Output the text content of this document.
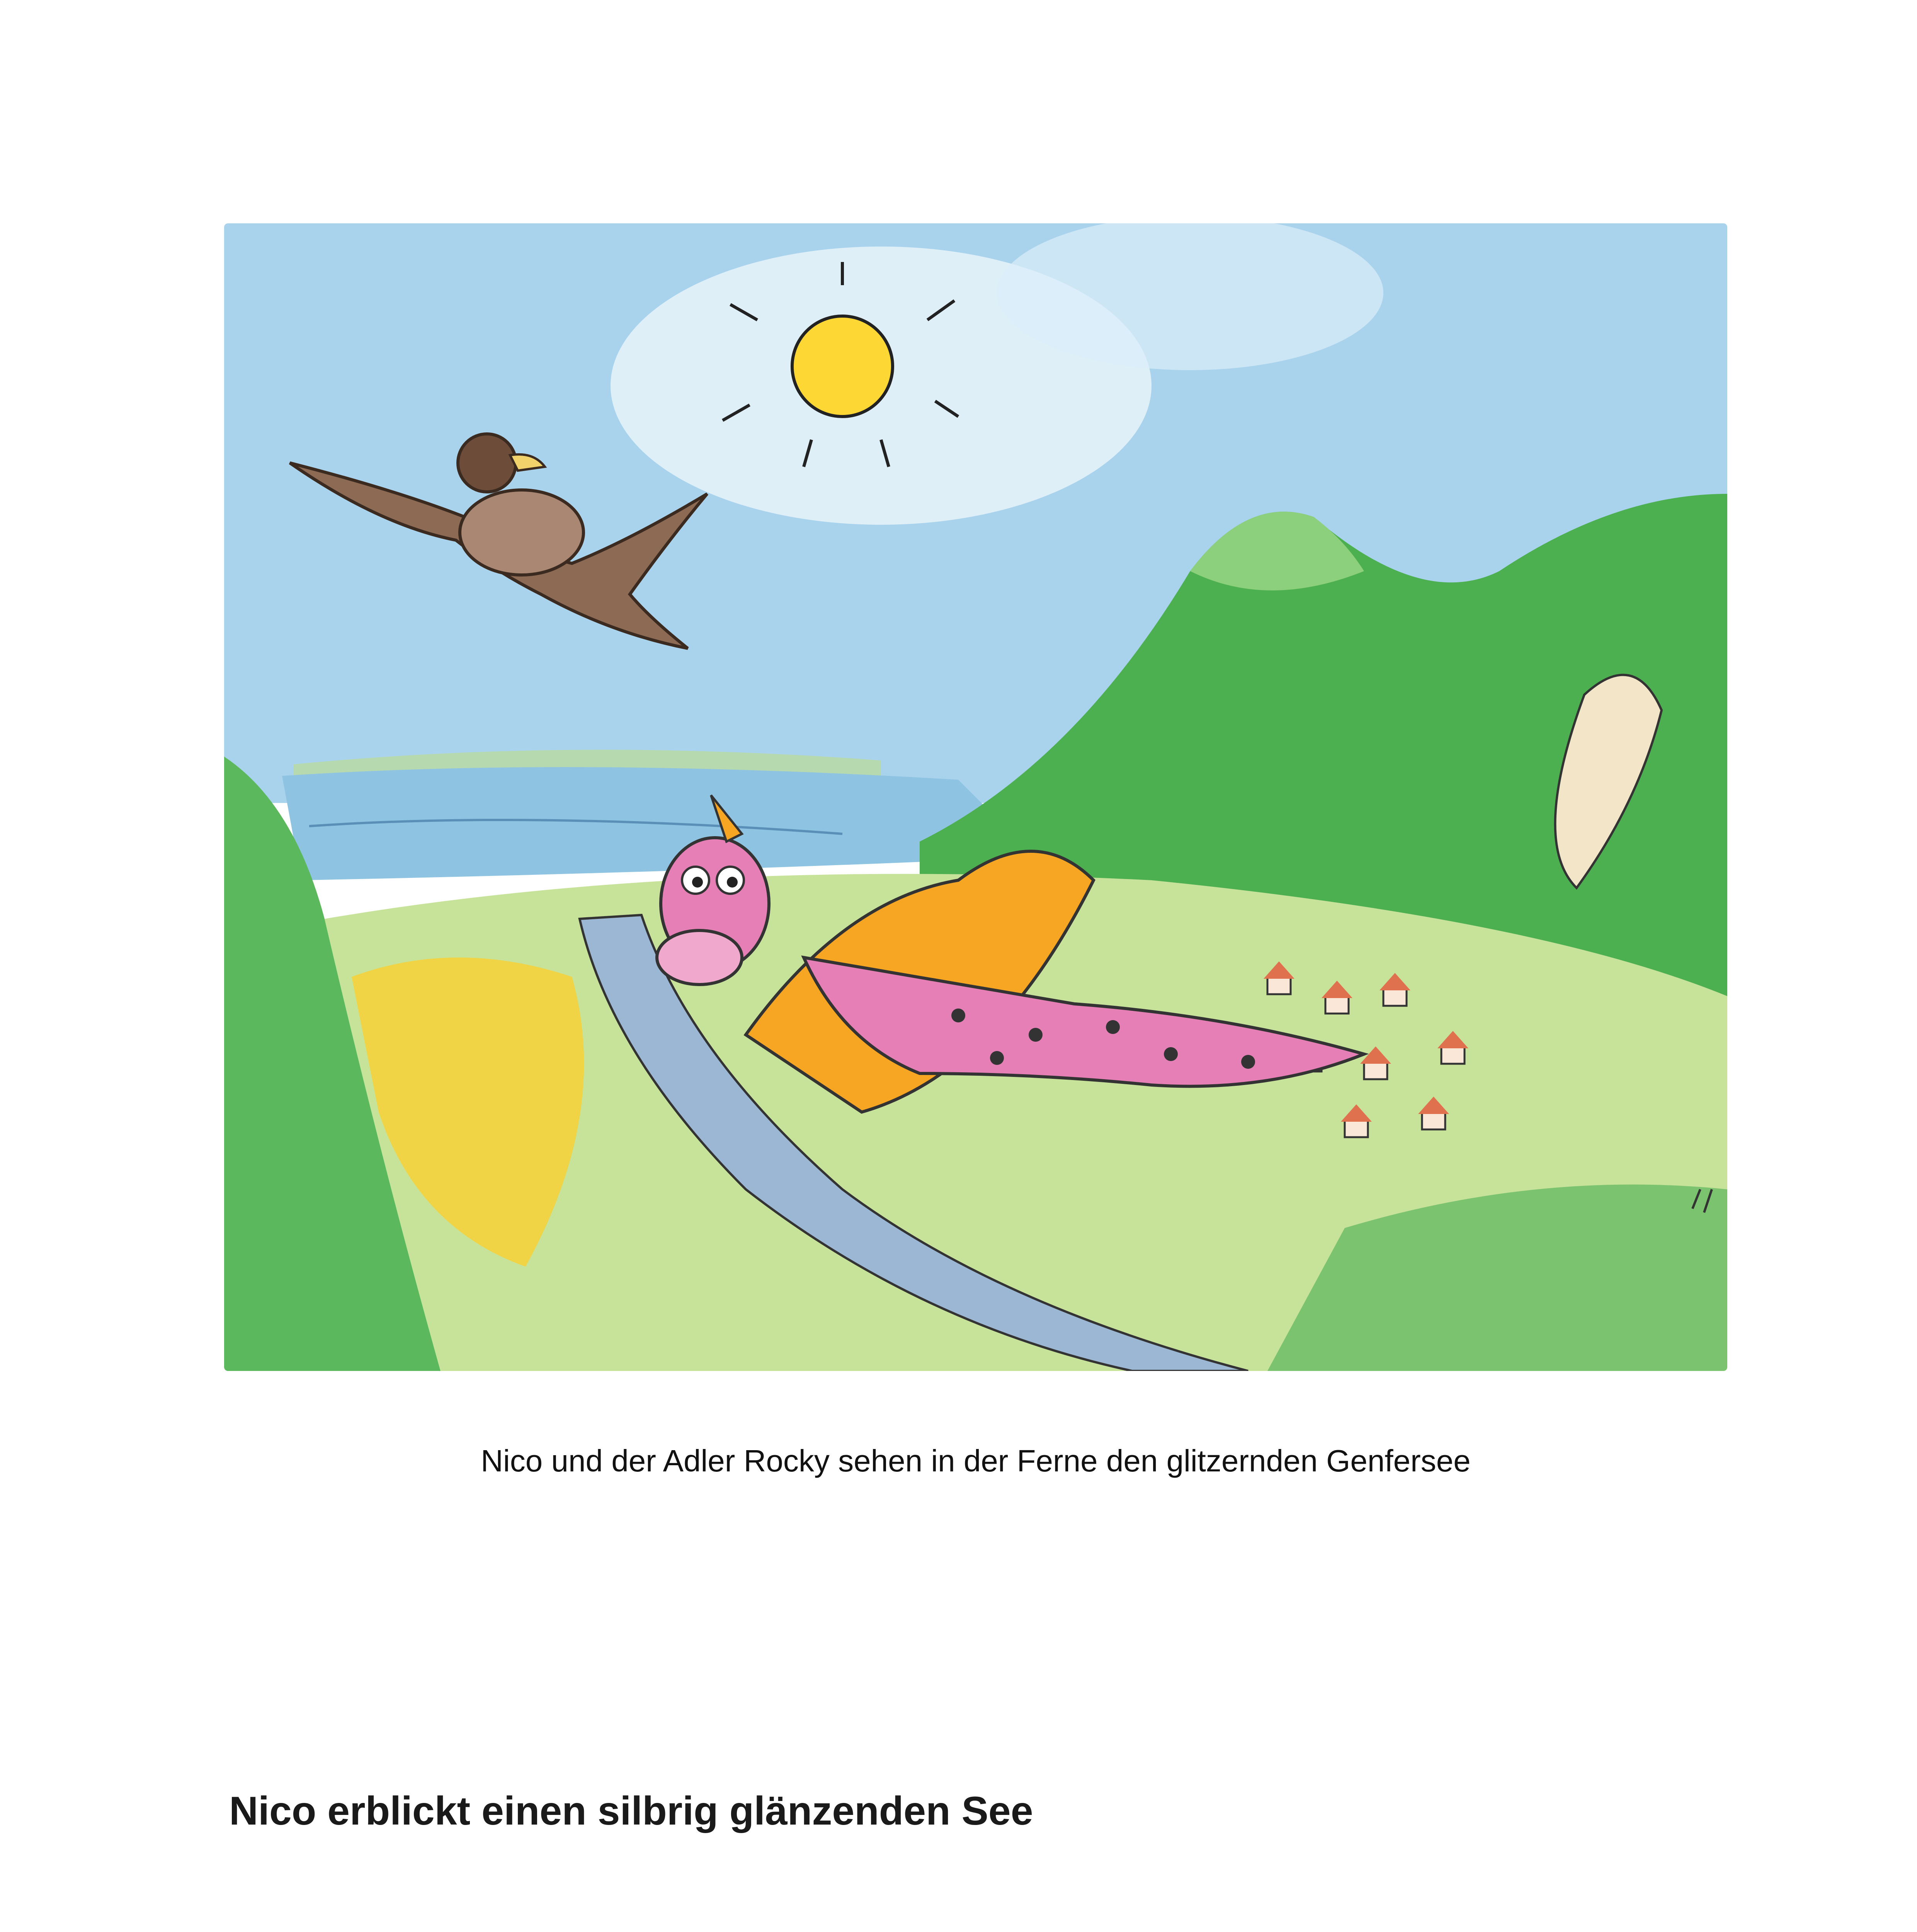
Nico und der Adler Rocky sehen in der Ferne den glitzernden Genfersee
Nico erblickt einen silbrig glänzenden See
